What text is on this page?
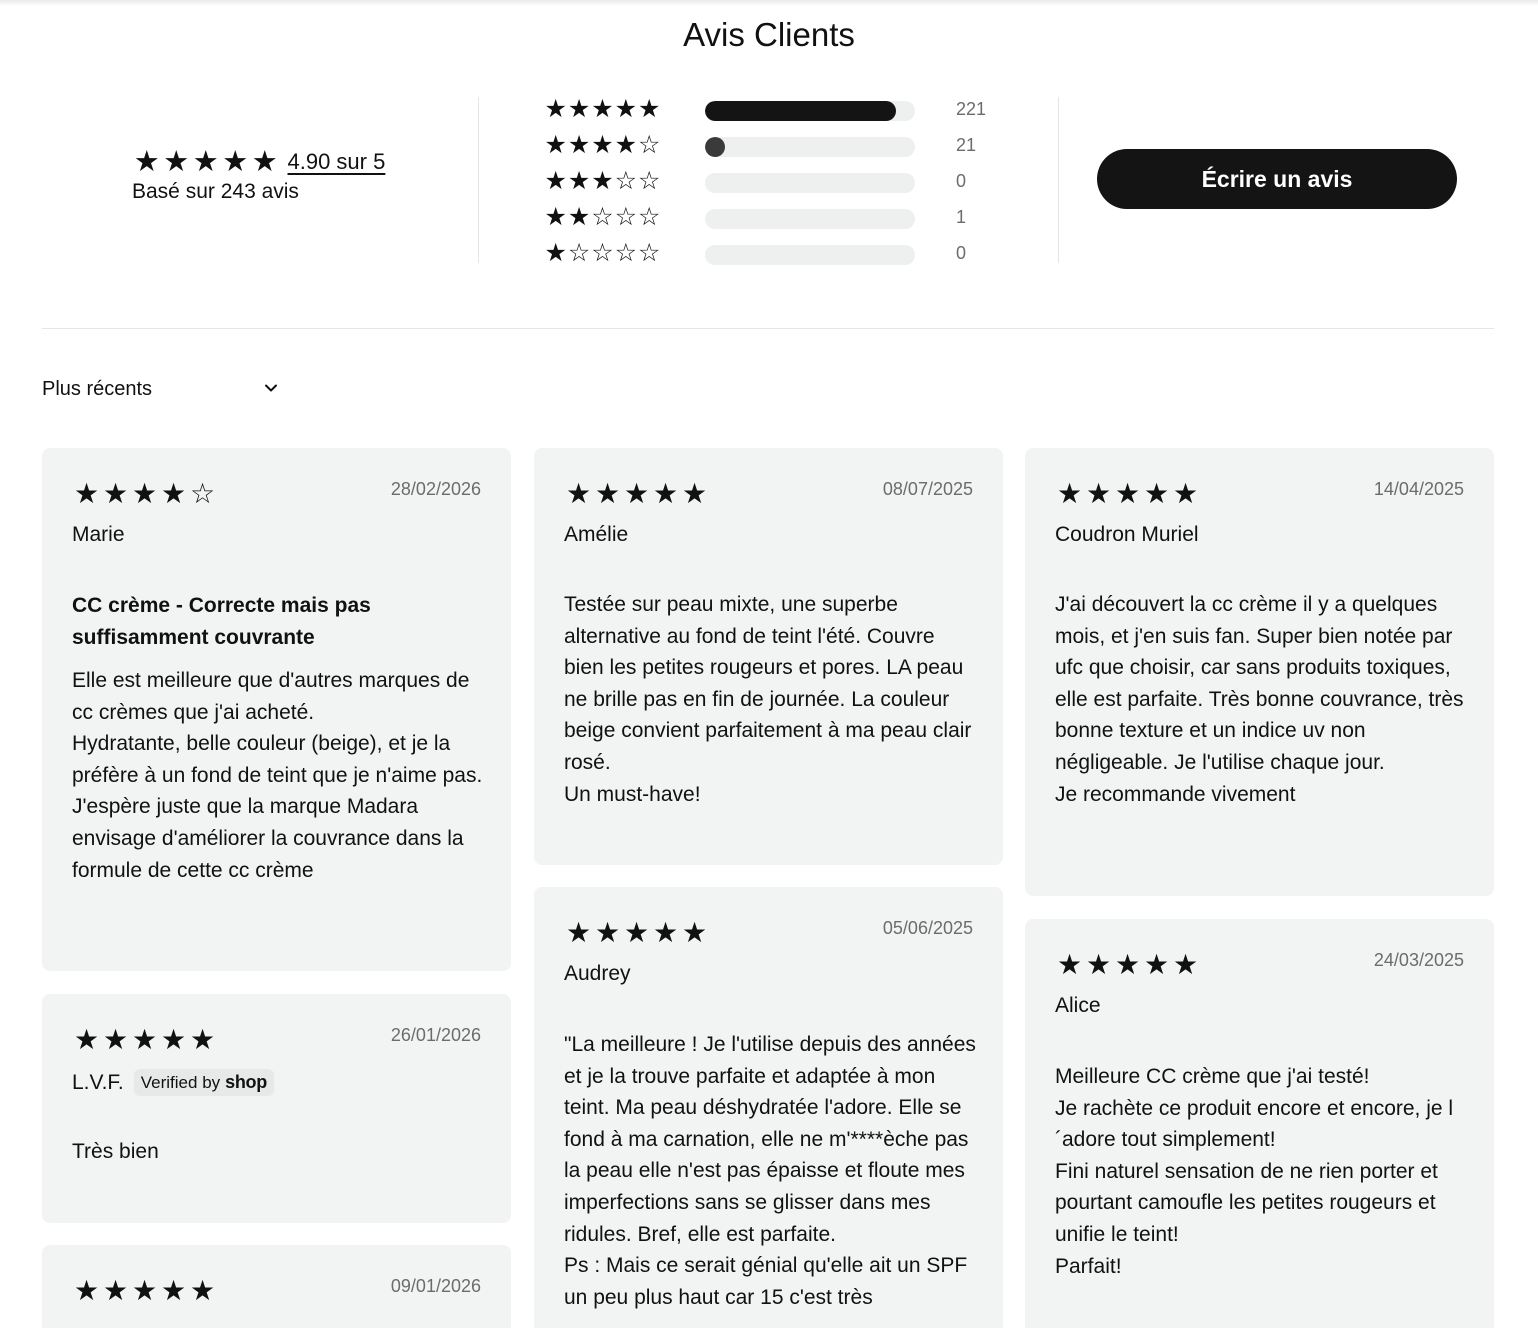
Avis Clients
★ ★ ★ ★ ★ 4.90 sur 5
Basé sur 243 avis
★ ★ ★ ★ ★	221
★ ★ ★ ★ ☆	21
★ ★ ★ ☆ ☆	0
★ ★ ☆ ☆ ☆	1
★ ☆ ☆ ☆ ☆	0
Écrire un avis
Plus récents
★ ★ ★ ★ ☆	28/02/2026
Marie
CC crème - Correcte mais pas suffisamment couvrante
Elle est meilleure que d'autres marques de cc crèmes que j'ai acheté.
Hydratante, belle couleur (beige), et je la préfère à un fond de teint que je n'aime pas.
J'espère juste que la marque Madara envisage d'améliorer la couvrance dans la formule de cette cc crème
★ ★ ★ ★ ★	26/01/2026
L.V.F. Verified by shop
Très bien
★ ★ ★ ★ ★	09/01/2026
★ ★ ★ ★ ★	08/07/2025
Amélie
Testée sur peau mixte, une superbe alternative au fond de teint l'été. Couvre bien les petites rougeurs et pores. LA peau ne brille pas en fin de journée. La couleur beige convient parfaitement à ma peau clair rosé.
Un must-have!
★ ★ ★ ★ ★	05/06/2025
Audrey
"La meilleure ! Je l'utilise depuis des années et je la trouve parfaite et adaptée à mon teint. Ma peau déshydratée l'adore. Elle se fond à ma carnation, elle ne m'****èche pas la peau elle n'est pas épaisse et floute mes imperfections sans se glisser dans mes ridules. Bref, elle est parfaite.
Ps : Mais ce serait génial qu'elle ait un SPF un peu plus haut car 15 c'est très
★ ★ ★ ★ ★	14/04/2025
Coudron Muriel
J'ai découvert la cc crème il y a quelques mois, et j'en suis fan. Super bien notée par ufc que choisir, car sans produits toxiques, elle est parfaite. Très bonne couvrance, très bonne texture et un indice uv non négligeable. Je l'utilise chaque jour.
Je recommande vivement
★ ★ ★ ★ ★	24/03/2025
Alice
Meilleure CC crème que j'ai testé!
Je rachète ce produit encore et encore, je l´adore tout simplement!
Fini naturel sensation de ne rien porter et pourtant camoufle les petites rougeurs et unifie le teint!
Parfait!
